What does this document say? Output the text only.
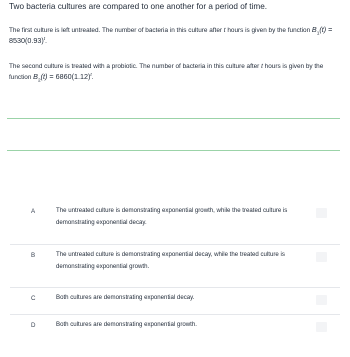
Two bacteria cultures are compared to one another for a period of time.
The first culture is left untreated. The number of bacteria in this culture after t hours is given by the function $B_1(t) = 8530(0.93)^t$.
The second culture is treated with a probiotic. The number of bacteria in this culture after t hours is given by the function $B_2(t) = 6860(1.12)^t$.
A	The untreated culture is demonstrating exponential growth, while the treated culture is demonstrating exponential decay.
B	The untreated culture is demonstrating exponential decay, while the treated culture is demonstrating exponential growth.
C	Both cultures are demonstrating exponential decay.
D	Both cultures are demonstrating exponential growth.
